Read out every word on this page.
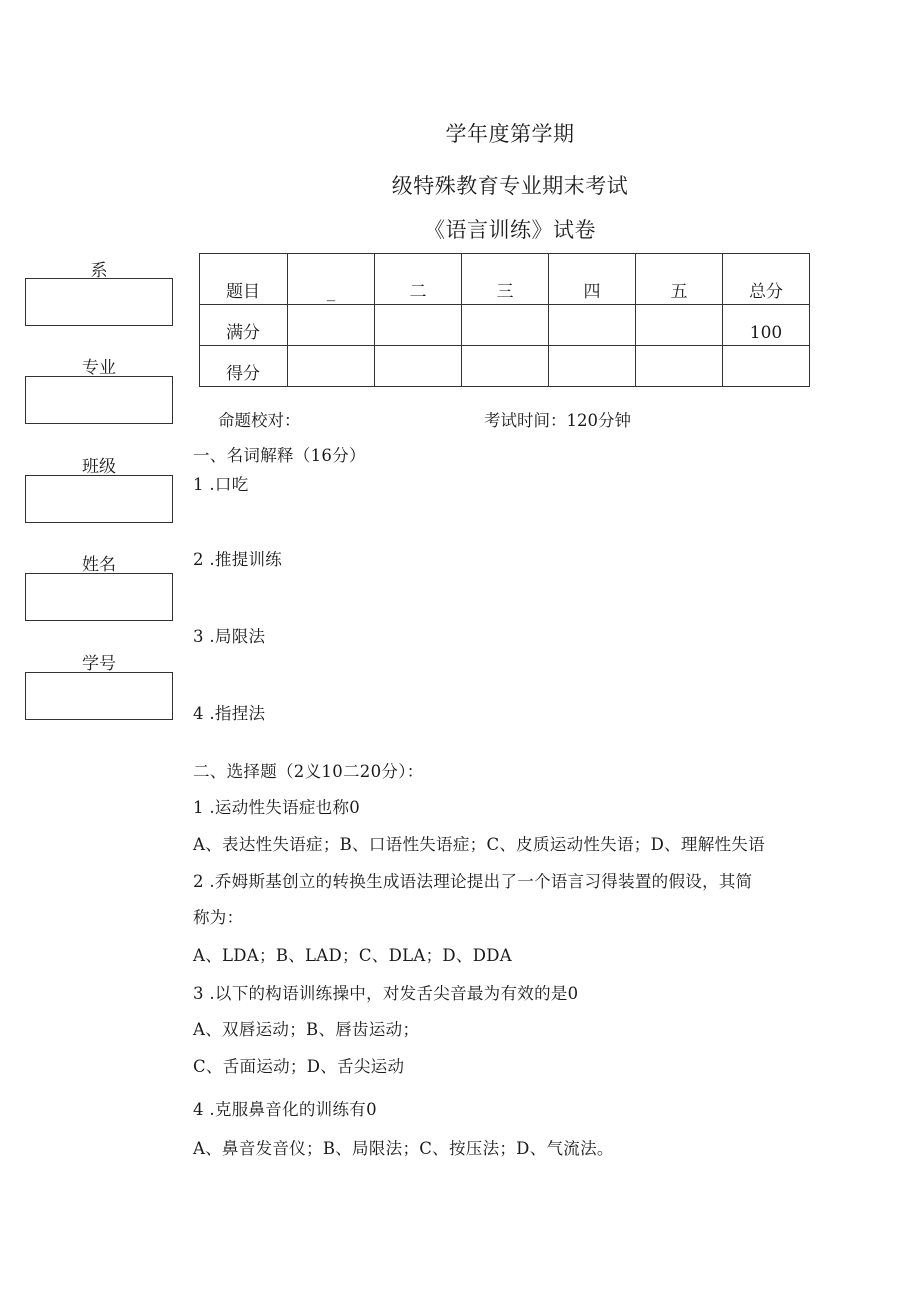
学年度第学期
级特殊教育专业期末考试
《语言训练》试卷
系
专业
班级
姓名
学号
题目	_	二	三	四	五	总分
满分						100
得分						
命题校对：	考试时间：120分钟
一、名词解释（16分）
1 .口吃
2 .推提训练
3 .局限法
4 .指捏法
二、选择题（2义10二20分）：
1 .运动性失语症也称0
A、表达性失语症；B、口语性失语症；C、皮质运动性失语；D、理解性失语
2 .乔姆斯基创立的转换生成语法理论提出了一个语言习得装置的假设，其简
称为：
A、LDA；B、LAD；C、DLA；D、DDA
3 .以下的构语训练操中，对发舌尖音最为有效的是0
A、双唇运动；B、唇齿运动；
C、舌面运动；D、舌尖运动
4 .克服鼻音化的训练有0
A、鼻音发音仪；B、局限法；C、按压法；D、气流法。
